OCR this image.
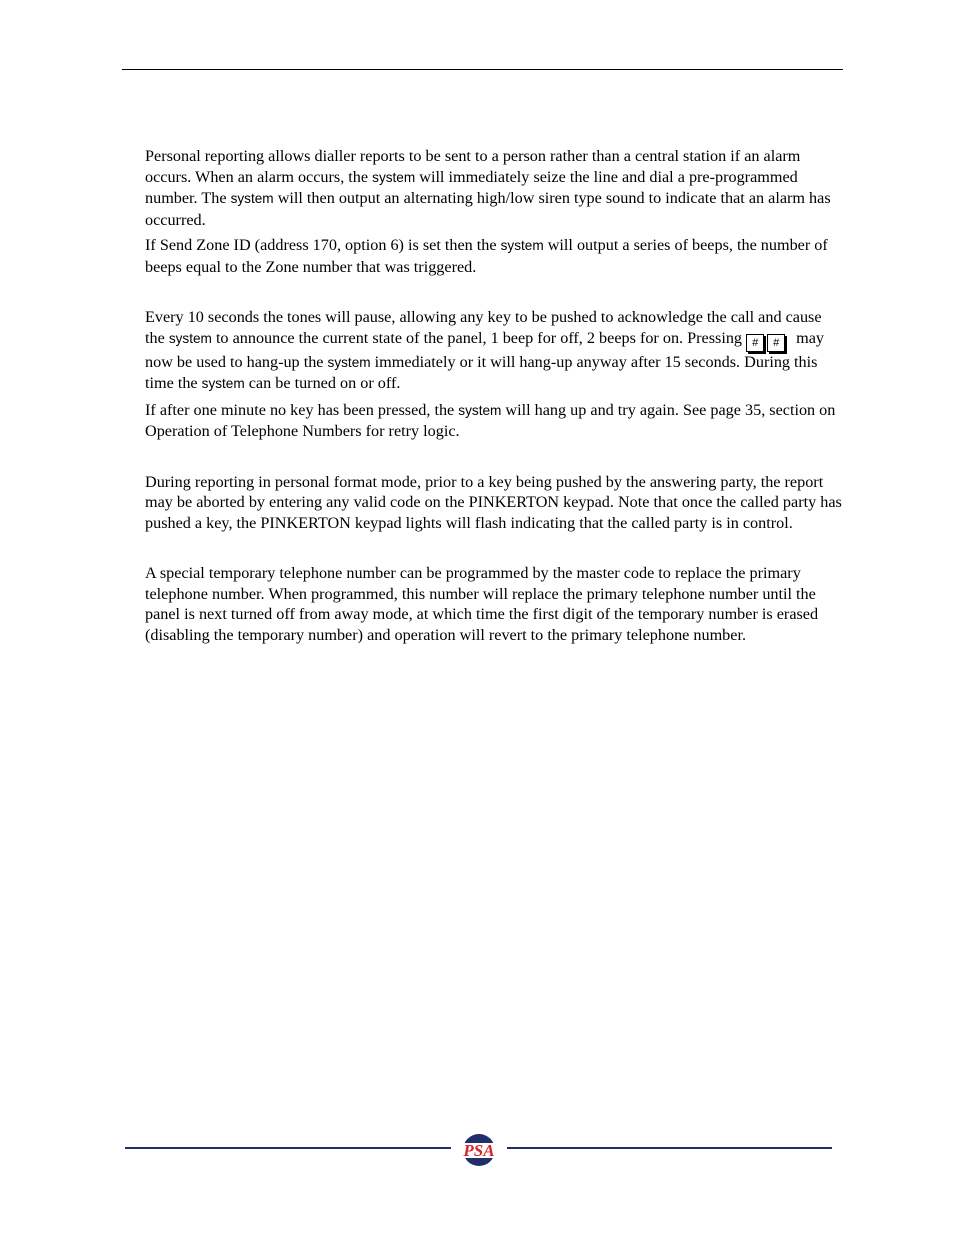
Personal reporting allows dialler reports to be sent to a person rather than a central station if an alarm occurs. When an alarm occurs, the system will immediately seize the line and dial a pre-programmed number. The system will then output an alternating high/low siren type sound to indicate that an alarm has occurred.

If Send Zone ID (address 170, option 6) is set then the system will output a series of beeps, the number of beeps equal to the Zone number that was triggered.

Every 10 seconds the tones will pause, allowing any key to be pushed to acknowledge the call and cause the system to announce the current state of the panel, 1 beep for off, 2 beeps for on. Pressing # # may now be used to hang-up the system immediately or it will hang-up anyway after 15 seconds. During this time the system can be turned on or off.

If after one minute no key has been pressed, the system will hang up and try again. See page 35, section on Operation of Telephone Numbers for retry logic.

During reporting in personal format mode, prior to a key being pushed by the answering party, the report may be aborted by entering any valid code on the PINKERTON keypad. Note that once the called party has pushed a key, the PINKERTON keypad lights will flash indicating that the called party is in control.

A special temporary telephone number can be programmed by the master code to replace the primary telephone number. When programmed, this number will replace the primary telephone number until the panel is next turned off from away mode, at which time the first digit of the temporary number is erased (disabling the temporary number) and operation will revert to the primary telephone number.

PSA
